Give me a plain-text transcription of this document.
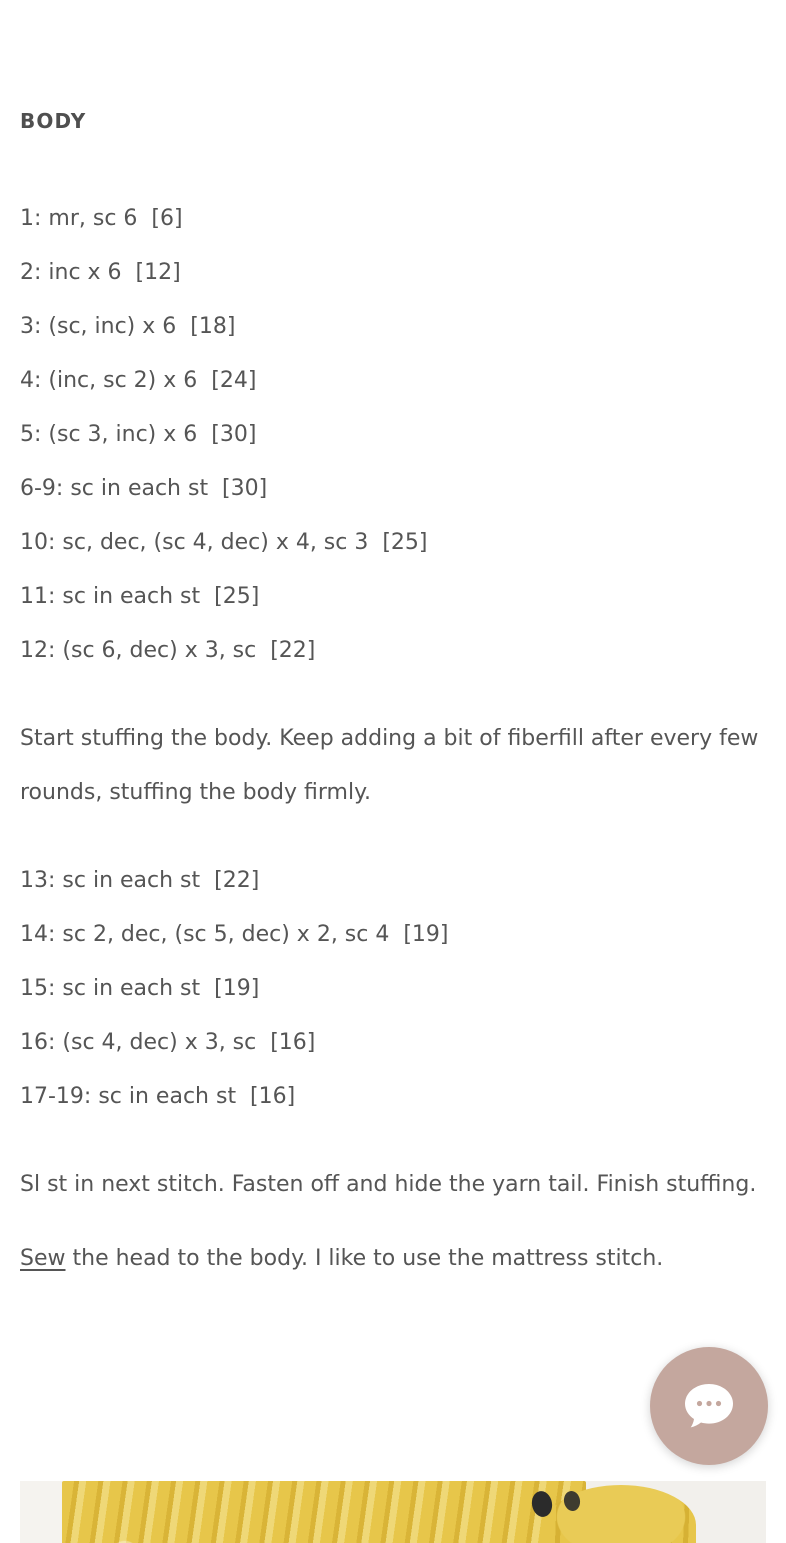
BODY
1: mr, sc 6  [6]
2: inc x 6  [12]
3: (sc, inc) x 6  [18]
4: (inc, sc 2) x 6  [24]
5: (sc 3, inc) x 6  [30]
6-9: sc in each st  [30]
10: sc, dec, (sc 4, dec) x 4, sc 3  [25]
11: sc in each st  [25]
12: (sc 6, dec) x 3, sc  [22]

Start stuffing the body. Keep adding a bit of fiberfill after every few rounds, stuffing the body firmly.

13: sc in each st  [22]
14: sc 2, dec, (sc 5, dec) x 2, sc 4  [19]
15: sc in each st  [19]
16: (sc 4, dec) x 3, sc  [16]
17-19: sc in each st  [16]

Sl st in next stitch. Fasten off and hide the yarn tail. Finish stuffing.

Sew the head to the body. I like to use the mattress stitch.
